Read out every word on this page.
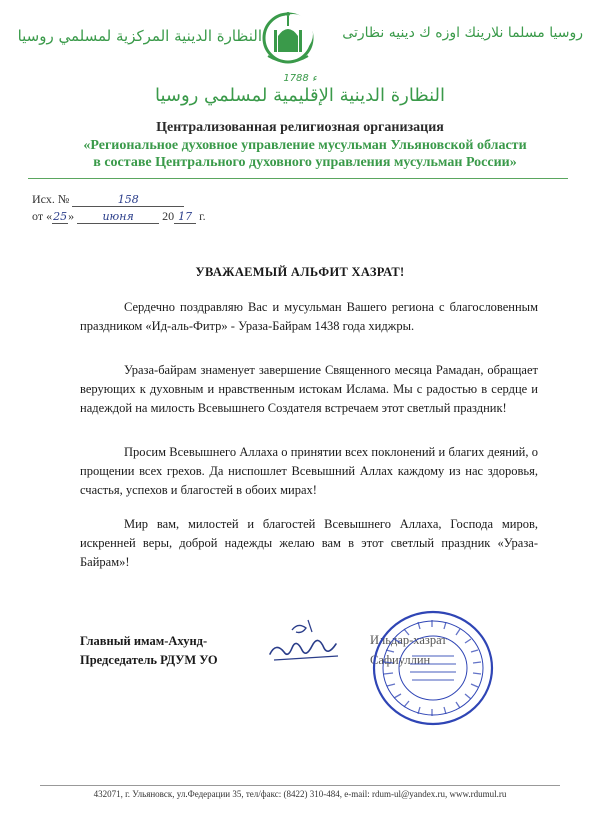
النظارة الدينية المركزية لمسلمي روسيا	روسيا مسلما نلارينك اوزه ك دينيه نظارتى
1788 ء
النظارة الدينية الإقليمية لمسلمي روسيا
Централизованная религиозная организация
«Региональное духовное управление мусульман Ульяновской области
в составе Центрального духовного управления мусульман России»
Исх. №	158
от «25»	июня 20 17 г.
УВАЖАЕМЫЙ АЛЬФИТ ХАЗРАТ!

Сердечно поздравляю Вас и мусульман Вашего региона с благословенным праздником «Ид-аль-Фитр» - Ураза-Байрам 1438 года хиджры.

Ураза-байрам знаменует завершение Священного месяца Рамадан, обращает верующих к духовным и нравственным истокам Ислама. Мы с радостью в сердце и надеждой на милость Всевышнего Создателя встречаем этот светлый праздник!

Просим Всевышнего Аллаха о принятии всех поклонений и благих деяний, о прощении всех грехов. Да ниспошлет Всевышний Аллах каждому из нас здоровья, счастья, успехов и благостей в обоих мирах!

Мир вам, милостей и благостей Всевышнего Аллаха, Господа миров, искренней веры, доброй надежды желаю вам в этот светлый праздник «Ураза-Байрам»!

Главный имам-Ахунд-
Председатель РДУМ УО
Ильдар-хазрат
Сафиуллин
432071, г. Ульяновск, ул.Федерации 35, тел/факс: (8422) 310-484, e-mail: rdum-ul@yandex.ru, www.rdumul.ru
